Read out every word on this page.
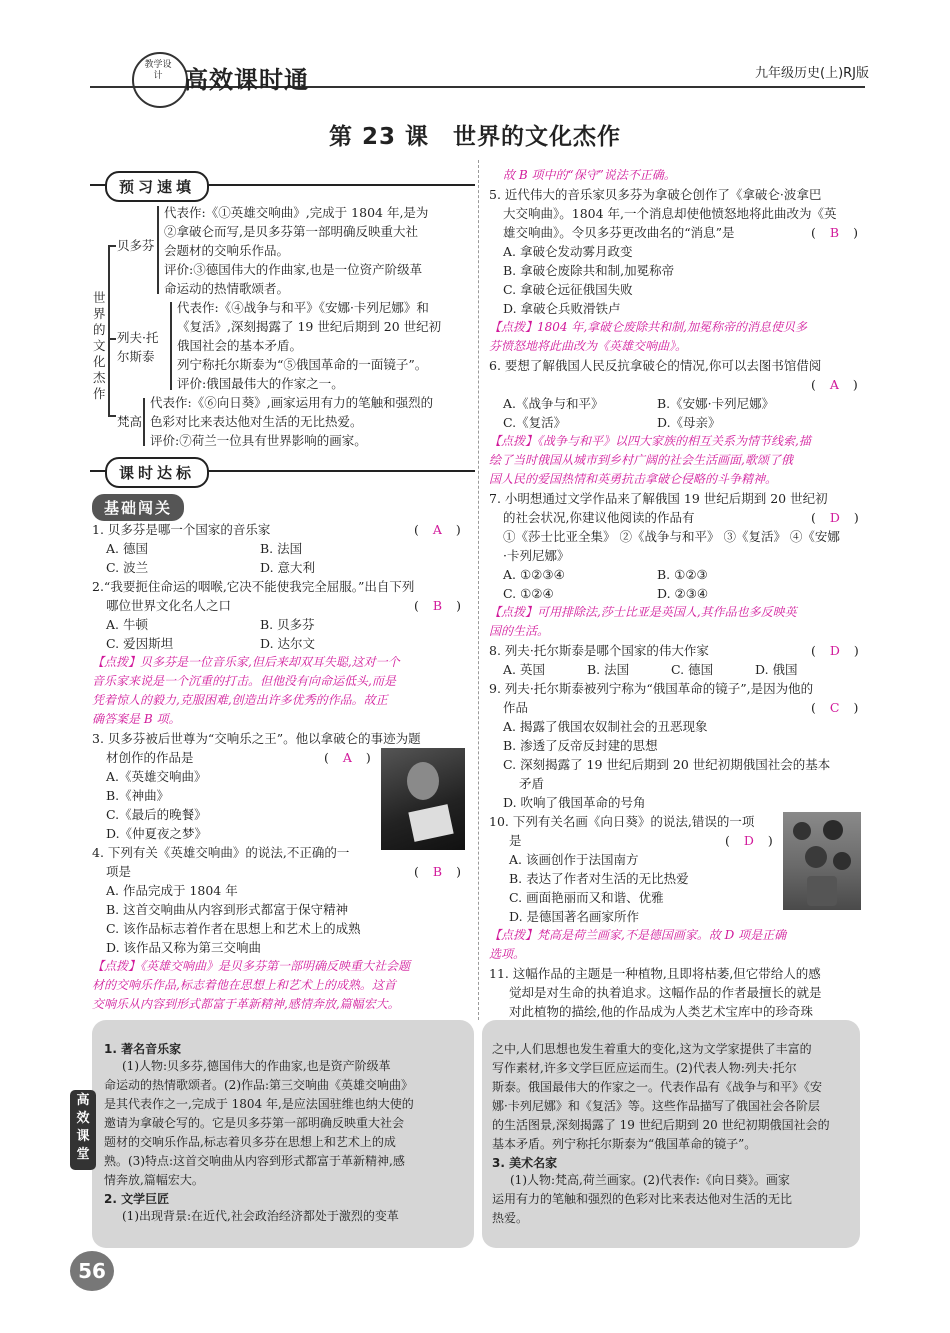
教学设计 高效课时通	九年级历史(上)RJ版
第 23 课　世界的文化杰作
预习速填
世界的文化杰作
贝多芬
代表作:《①英雄交响曲》,完成于 1804 年,是为
②拿破仑而写,是贝多芬第一部明确反映重大社
会题材的交响乐作品。
评价:③德国伟大的作曲家,也是一位资产阶级革
命运动的热情歌颂者。
列夫·托尔斯泰
代表作:《④战争与和平》《安娜·卡列尼娜》和
《复活》,深刻揭露了 19 世纪后期到 20 世纪初
俄国社会的基本矛盾。
列宁称托尔斯泰为“⑤俄国革命的一面镜子”。
评价:俄国最伟大的作家之一。
梵高
代表作:《⑥向日葵》,画家运用有力的笔触和强烈的
色彩对比来表达他对生活的无比热爱。
评价:⑦荷兰一位具有世界影响的画家。
课时达标
基础闯关
1. 贝多芬是哪一个国家的音乐家	( A )
A. 德国	B. 法国
C. 波兰	D. 意大利
2.“我要扼住命运的咽喉,它决不能使我完全屈服。”出自下列
哪位世界文化名人之口	( B )
A. 牛顿	B. 贝多芬
C. 爱因斯坦	D. 达尔文
【点拨】贝多芬是一位音乐家,但后来却双耳失聪,这对一个
音乐家来说是一个沉重的打击。但他没有向命运低头,而是
凭着惊人的毅力,克服困难,创造出许多优秀的作品。故正
确答案是 B 项。
3. 贝多芬被后世尊为“交响乐之王”。他以拿破仑的事迹为题
材创作的作品是	( A )
A.《英雄交响曲》
B.《神曲》
C.《最后的晚餐》
D.《仲夏夜之梦》
4. 下列有关《英雄交响曲》的说法,不正确的一
项是	( B )
A. 作品完成于 1804 年
B. 这首交响曲从内容到形式都富于保守精神
C. 该作品标志着作者在思想上和艺术上的成熟
D. 该作品又称为第三交响曲
【点拨】《英雄交响曲》是贝多芬第一部明确反映重大社会题
材的交响乐作品,标志着他在思想上和艺术上的成熟。这首
交响乐从内容到形式都富于革新精神,感情奔放,篇幅宏大。
故 B 项中的“保守”说法不正确。
5. 近代伟大的音乐家贝多芬为拿破仑创作了《拿破仑·波拿巴
大交响曲》。1804 年,一个消息却使他愤怒地将此曲改为《英
雄交响曲》。令贝多芬更改曲名的“消息”是	( B )
A. 拿破仑发动雾月政变
B. 拿破仑废除共和制,加冕称帝
C. 拿破仑远征俄国失败
D. 拿破仑兵败滑铁卢
【点拨】1804 年,拿破仑废除共和制,加冕称帝的消息使贝多
芬愤怒地将此曲改为《英雄交响曲》。
6. 要想了解俄国人民反抗拿破仑的情况,你可以去图书馆借阅
( A )
A.《战争与和平》	B.《安娜·卡列尼娜》
C.《复活》	D.《母亲》
【点拨】《战争与和平》以四大家族的相互关系为情节线索,描
绘了当时俄国从城市到乡村广阔的社会生活画面,歌颂了俄
国人民的爱国热情和英勇抗击拿破仑侵略的斗争精神。
7. 小明想通过文学作品来了解俄国 19 世纪后期到 20 世纪初
的社会状况,你建议他阅读的作品有	( D )
①《莎士比亚全集》 ②《战争与和平》 ③《复活》 ④《安娜
·卡列尼娜》
A. ①②③④	B. ①②③
C. ①②④	D. ②③④
【点拨】可用排除法,莎士比亚是英国人,其作品也多反映英
国的生活。
8. 列夫·托尔斯泰是哪个国家的伟大作家	( D )
A. 英国	B. 法国	C. 德国	D. 俄国
9. 列夫·托尔斯泰被列宁称为“俄国革命的镜子”,是因为他的
作品	( C )
A. 揭露了俄国农奴制社会的丑恶现象
B. 渗透了反帝反封建的思想
C. 深刻揭露了 19 世纪后期到 20 世纪初期俄国社会的基本
矛盾
D. 吹响了俄国革命的号角
10. 下列有关名画《向日葵》的说法,错误的一项
是	( D )
A. 该画创作于法国南方
B. 表达了作者对生活的无比热爱
C. 画面艳丽而又和谐、优雅
D. 是德国著名画家所作
【点拨】梵高是荷兰画家,不是德国画家。故 D 项是正确
选项。
11. 这幅作品的主题是一种植物,且即将枯萎,但它带给人的感
觉却是对生命的执着追求。这幅作品的作者最擅长的就是
对此植物的描绘,他的作品成为人类艺术宝库中的珍奇珠
1. 著名音乐家
(1)人物:贝多芬,德国伟大的作曲家,也是资产阶级革
命运动的热情歌颂者。(2)作品:第三交响曲《英雄交响曲》
是其代表作之一,完成于 1804 年,是应法国驻维也纳大使的
邀请为拿破仑写的。它是贝多芬第一部明确反映重大社会
题材的交响乐作品,标志着贝多芬在思想上和艺术上的成
熟。(3)特点:这首交响曲从内容到形式都富于革新精神,感
情奔放,篇幅宏大。
2. 文学巨匠
(1)出现背景:在近代,社会政治经济都处于激烈的变革
之中,人们思想也发生着重大的变化,这为文学家提供了丰富的
写作素材,许多文学巨匠应运而生。(2)代表人物:列夫·托尔
斯泰。俄国最伟大的作家之一。代表作品有《战争与和平》《安
娜·卡列尼娜》和《复活》等。这些作品描写了俄国社会各阶层
的生活图景,深刻揭露了 19 世纪后期到 20 世纪初期俄国社会的
基本矛盾。列宁称托尔斯泰为“俄国革命的镜子”。
3. 美术名家
(1)人物:梵高,荷兰画家。(2)代表作:《向日葵》。画家
运用有力的笔触和强烈的色彩对比来表达他对生活的无比
热爱。
高效课堂
56
